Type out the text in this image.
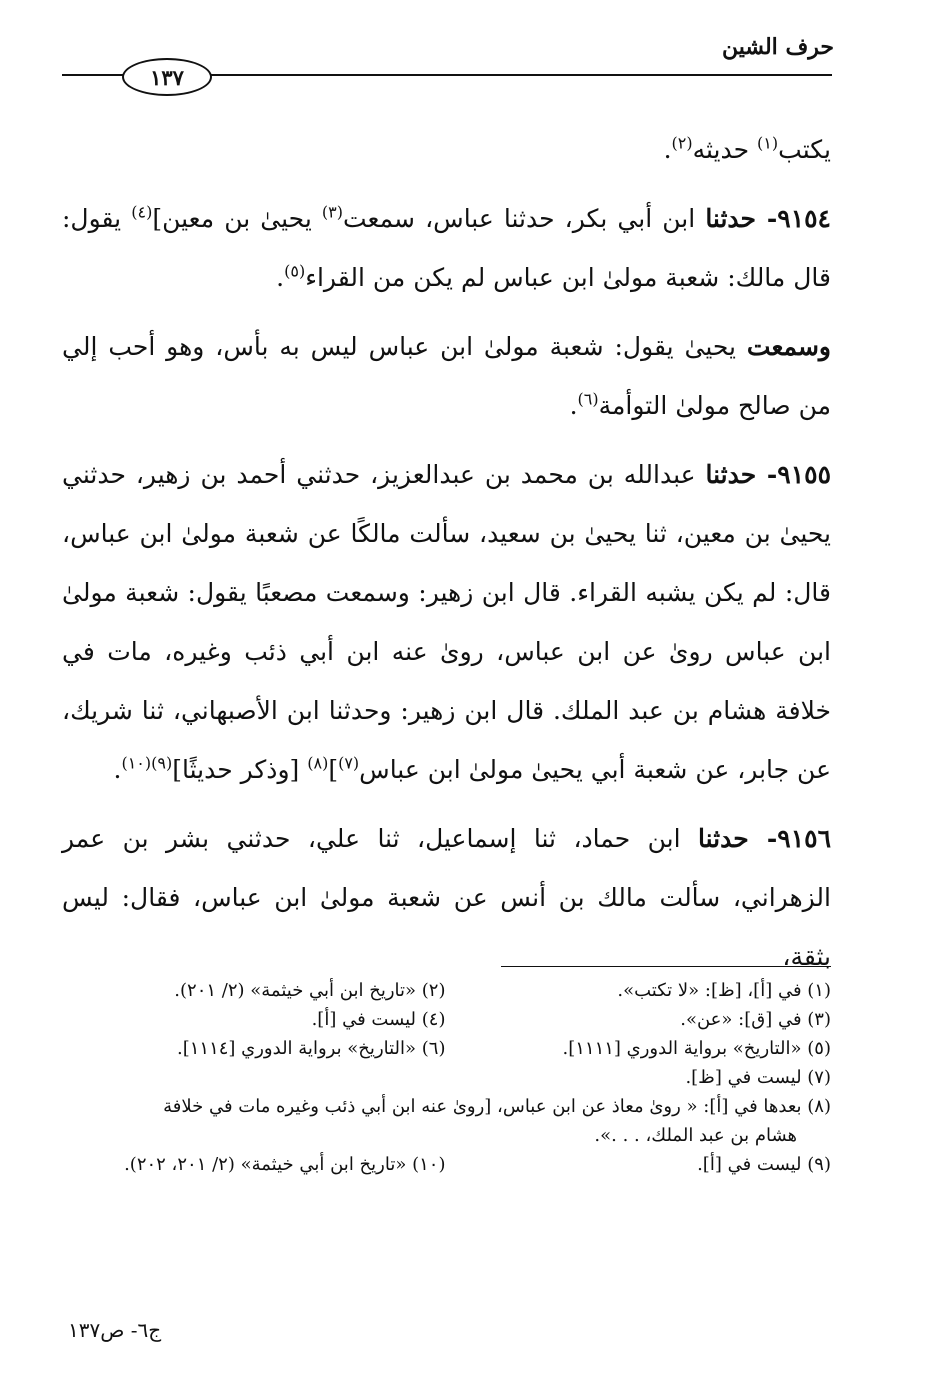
حرف الشين
١٣٧

يكتب$^{(١)}$ حديثه$^{(٢)}$.

٩١٥٤- حدثنا ابن أبي بكر، حدثنا عباس، سمعت$^{(٣)}$ يحيىٰ بن معين]$^{(٤)}$ يقول: قال مالك: شعبة مولىٰ ابن عباس لم يكن من القراء$^{(٥)}$.

وسمعت يحيىٰ يقول: شعبة مولىٰ ابن عباس ليس به بأس، وهو أحب إلي من صالح مولىٰ التوأمة$^{(٦)}$.

٩١٥٥- حدثنا عبدالله بن محمد بن عبدالعزيز، حدثني أحمد بن زهير، حدثني يحيىٰ بن معين، ثنا يحيىٰ بن سعيد، سألت مالكًا عن شعبة مولىٰ ابن عباس، قال: لم يكن يشبه القراء. قال ابن زهير: وسمعت مصعبًا يقول: شعبة مولىٰ ابن عباس روىٰ عن ابن عباس، روىٰ عنه ابن أبي ذئب وغيره، مات في خلافة هشام بن عبد الملك. قال ابن زهير: وحدثنا ابن الأصبهاني، ثنا شريك، عن جابر، عن شعبة أبي يحيىٰ مولىٰ ابن عباس$^{(٧)}$]$^{(٨)}$ [وذكر حديثًا]$^{(٩)(١٠)}$.

٩١٥٦- حدثنا ابن حماد، ثنا إسماعيل، ثنا علي، حدثني بشر بن عمر الزهراني، سألت مالك بن أنس عن شعبة مولىٰ ابن عباس، فقال: ليس بثقة،

(١) في [أ]، [ظ]: «لا تكتب».
(٢) «تاريخ ابن أبي خيثمة» (٢/ ٢٠١).
(٣) في [ق]: «عن».
(٤) ليست في [أ].
(٥) «التاريخ» برواية الدوري [١١١١].
(٦) «التاريخ» برواية الدوري [١١١٤].
(٧) ليست في [ظ].
(٨) بعدها في [أ]: « روىٰ معاذ عن ابن عباس، [روىٰ عنه ابن أبي ذئب وغيره مات في خلافة
هشام بن عبد الملك، . . .».
(٩) ليست في [أ].
(١٠) «تاريخ ابن أبي خيثمة» (٢/ ٢٠١، ٢٠٢).
ج٦- ص١٣٧
